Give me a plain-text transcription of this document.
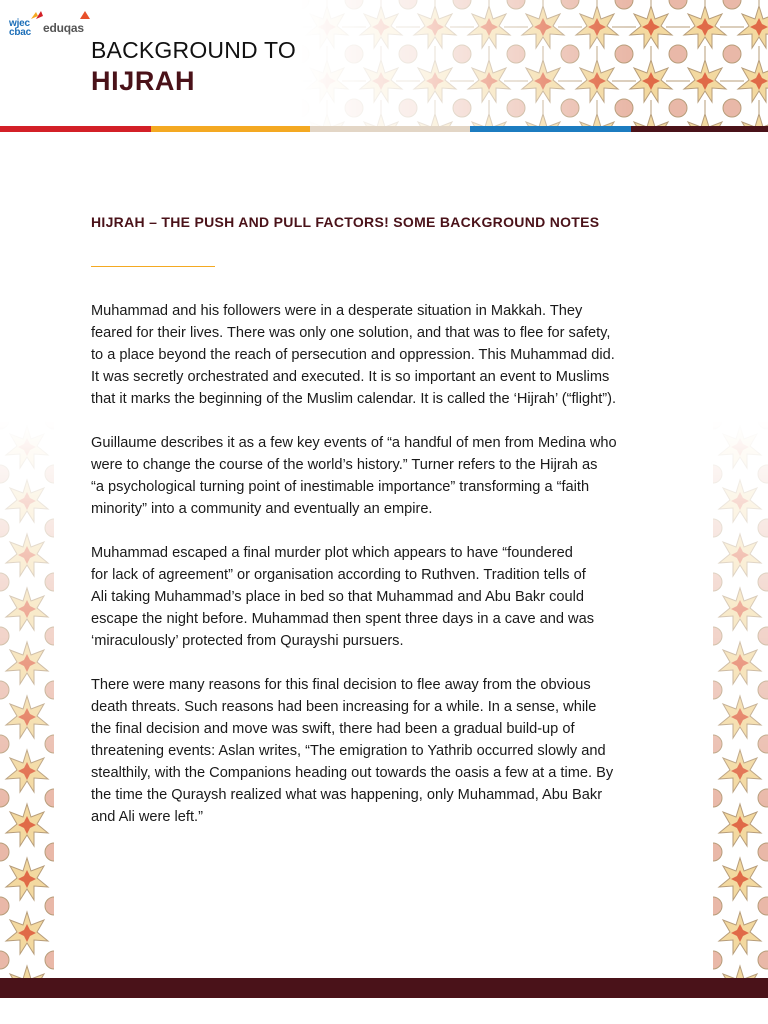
wjec
cbac eduqas
BACKGROUND TO
HIJRAH
HIJRAH – THE PUSH AND PULL FACTORS! SOME BACKGROUND NOTES

Muhammad and his followers were in a desperate situation in Makkah. They
feared for their lives. There was only one solution, and that was to flee for safety,
to a place beyond the reach of persecution and oppression. This Muhammad did.
It was secretly orchestrated and executed. It is so important an event to Muslims
that it marks the beginning of the Muslim calendar. It is called the ‘Hijrah’ (“flight”).

Guillaume describes it as a few key events of “a handful of men from Medina who
were to change the course of the world’s history.” Turner refers to the Hijrah as
“a psychological turning point of inestimable importance” transforming a “faith
minority” into a community and eventually an empire.

Muhammad escaped a final murder plot which appears to have “foundered
for lack of agreement” or organisation according to Ruthven. Tradition tells of
Ali taking Muhammad’s place in bed so that Muhammad and Abu Bakr could
escape the night before. Muhammad then spent three days in a cave and was
‘miraculously’ protected from Qurayshi pursuers.

There were many reasons for this final decision to flee away from the obvious
death threats. Such reasons had been increasing for a while. In a sense, while
the final decision and move was swift, there had been a gradual build-up of
threatening events: Aslan writes, “The emigration to Yathrib occurred slowly and
stealthily, with the Companions heading out towards the oasis a few at a time. By
the time the Quraysh realized what was happening, only Muhammad, Abu Bakr
and Ali were left.”
